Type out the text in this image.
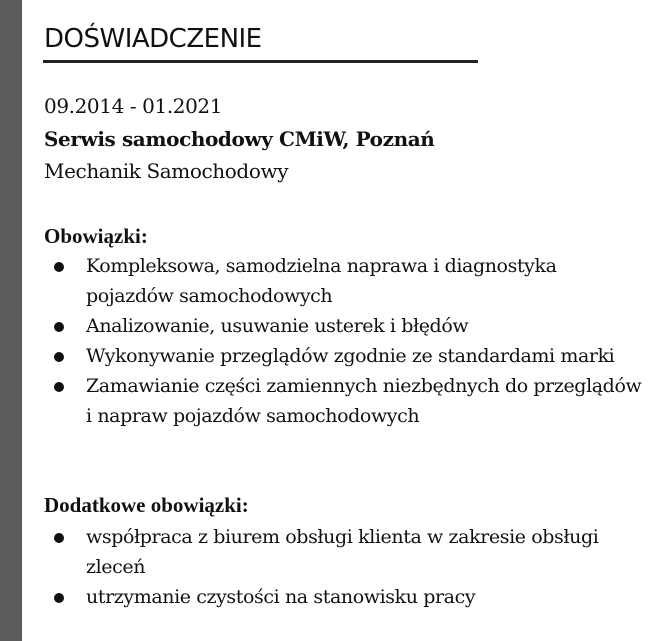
DOŚWIADCZENIE
09.2014 - 01.2021
Serwis samochodowy CMiW, Poznań
Mechanik Samochodowy
Obowiązki:
Kompleksowa, samodzielna naprawa i diagnostyka pojazdów samochodowych
Analizowanie, usuwanie usterek i błędów
Wykonywanie przeglądów zgodnie ze standardami marki
Zamawianie części zamiennych niezbędnych do przeglądów i napraw pojazdów samochodowych
Dodatkowe obowiązki:
współpraca z biurem obsługi klienta w zakresie obsługi zleceń
utrzymanie czystości na stanowisku pracy
